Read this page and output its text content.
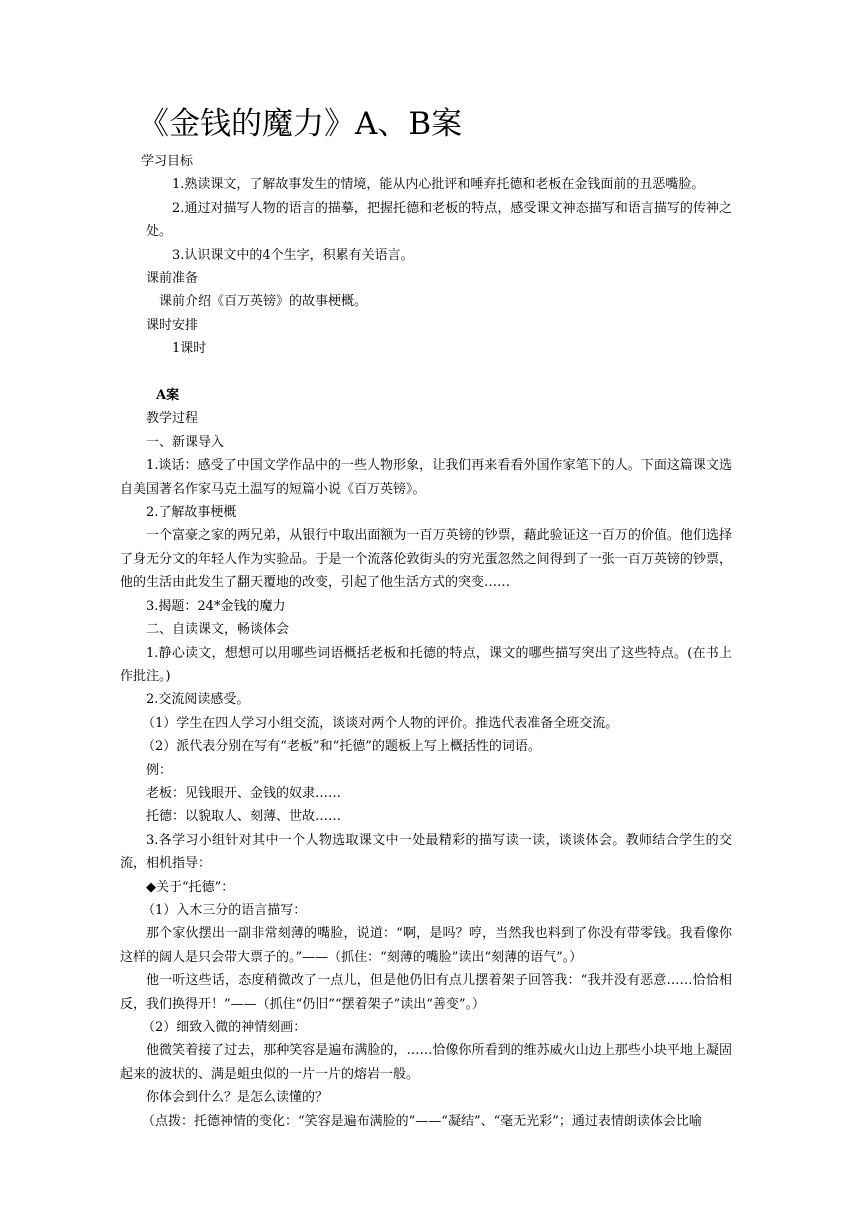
《金钱的魔力》A、B案

学习目标

1.熟读课文，了解故事发生的情境，能从内心批评和唾弃托德和老板在金钱面前的丑恶嘴脸。

2.通过对描写人物的语言的描摹，把握托德和老板的特点，感受课文神态描写和语言描写的传神之处。

3.认识课文中的4个生字，积累有关语言。

课前准备

课前介绍《百万英镑》的故事梗概。

课时安排

1课时

A案

教学过程

一、新课导入

1.谈话：感受了中国文学作品中的一些人物形象，让我们再来看看外国作家笔下的人。下面这篇课文选自美国著名作家马克土温写的短篇小说《百万英镑》。

2.了解故事梗概

一个富豪之家的两兄弟，从银行中取出面额为一百万英镑的钞票，藉此验证这一百万的价值。他们选择了身无分文的年轻人作为实验品。于是一个流落伦敦街头的穷光蛋忽然之间得到了一张一百万英镑的钞票，他的生活由此发生了翻天覆地的改变，引起了他生活方式的突变……

3.揭题：24*金钱的魔力

二、自读课文，畅谈体会

1.静心读文，想想可以用哪些词语概括老板和托德的特点，课文的哪些描写突出了这些特点。(在书上作批注。)

2.交流阅读感受。

（1）学生在四人学习小组交流，谈谈对两个人物的评价。推选代表准备全班交流。

（2）派代表分别在写有“老板”和“托德”的题板上写上概括性的词语。

例：

老板：见钱眼开、金钱的奴隶……

托德：以貌取人、刻薄、世故……

3.各学习小组针对其中一个人物选取课文中一处最精彩的描写读一读，谈谈体会。教师结合学生的交流，相机指导：

◆关于“托德”：

（1）入木三分的语言描写：

那个家伙摆出一副非常刻薄的嘴脸，说道：“啊，是吗？哼，当然我也料到了你没有带零钱。我看像你这样的阔人是只会带大票子的。”——（抓住：“刻薄的嘴脸”读出“刻薄的语气”。）

他一听这些话，态度稍微改了一点儿，但是他仍旧有点儿摆着架子回答我：“我并没有恶意……恰恰相反，我们换得开！”——（抓住“仍旧”“摆着架子”读出“善变”。）

（2）细致入微的神情刻画：

他微笑着接了过去，那种笑容是遍布满脸的，……恰像你所看到的维苏威火山边上那些小块平地上凝固起来的波状的、满是蛆虫似的一片一片的熔岩一般。

你体会到什么？是怎么读懂的？

（点拨：托德神情的变化：“笑容是遍布满脸的”——“凝结”、“毫无光彩”；通过表情朗读体会比喻
